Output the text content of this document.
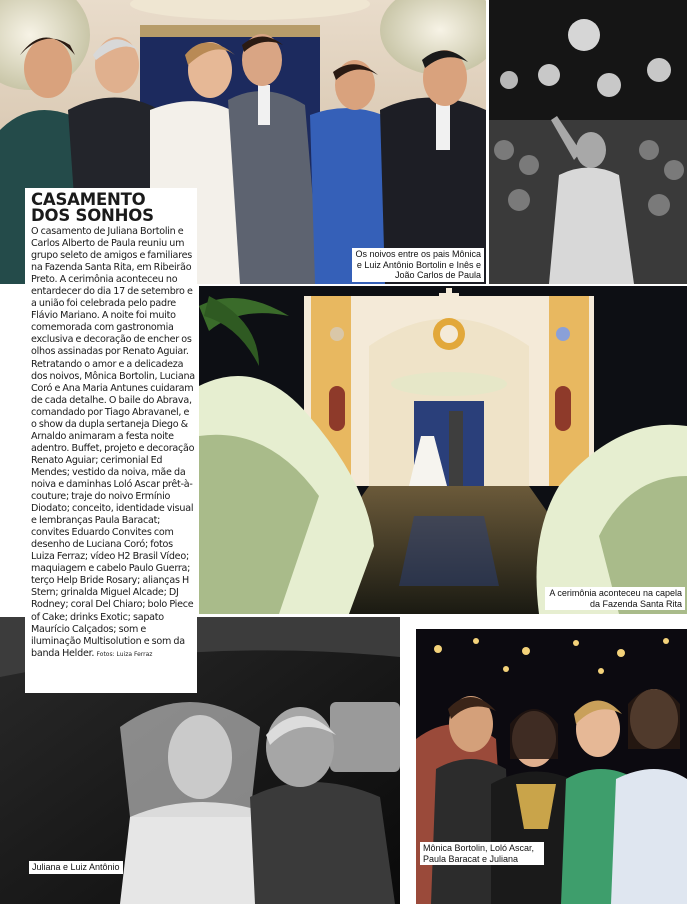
Os noivos entre os pais Mônica e Luiz Antônio Bortolin e Inês e João Carlos de Paula
A cerimônia aconteceu na capela da Fazenda Santa Rita
Juliana e Luiz Antônio
Mônica Bortolin, Loló Ascar, Paula Baracat e Juliana
CASAMENTO
DOS SONHOS

O casamento de Juliana Bortolin e Carlos Alberto de Paula reuniu um grupo seleto de amigos e familiares na Fazenda Santa Rita, em Ribeirão Preto. A cerimônia aconteceu no entardecer do dia 17 de setembro e a união foi celebrada pelo padre Flávio Mariano. A noite foi muito comemorada com gastronomia exclusiva e decoração de encher os olhos assinadas por Renato Aguiar. Retratando o amor e a delicadeza dos noivos, Mônica Bortolin, Luciana Coró e Ana Maria Antunes cuidaram de cada detalhe. O baile do Abrava, comandado por Tiago Abravanel, e o show da dupla sertaneja Diego & Arnaldo animaram a festa noite adentro. Buffet, projeto e decoração Renato Aguiar; cerimonial Ed Mendes; vestido da noiva, mãe da noiva e daminhas Loló Ascar prêt-à-couture; traje do noivo Ermínio Diodato; conceito, identidade visual e lembranças Paula Baracat; convites Eduardo Convites com desenho de Luciana Coró; fotos Luiza Ferraz; vídeo H2 Brasil Vídeo; maquiagem e cabelo Paulo Guerra; terço Help Bride Rosary; alianças H Stern; grinalda Miguel Alcade; DJ Rodney; coral Del Chiaro; bolo Piece of Cake; drinks Exotic; sapato Maurício Calçados; som e iluminação Multisolution e som da banda Helder. Fotos: Luiza Ferraz
